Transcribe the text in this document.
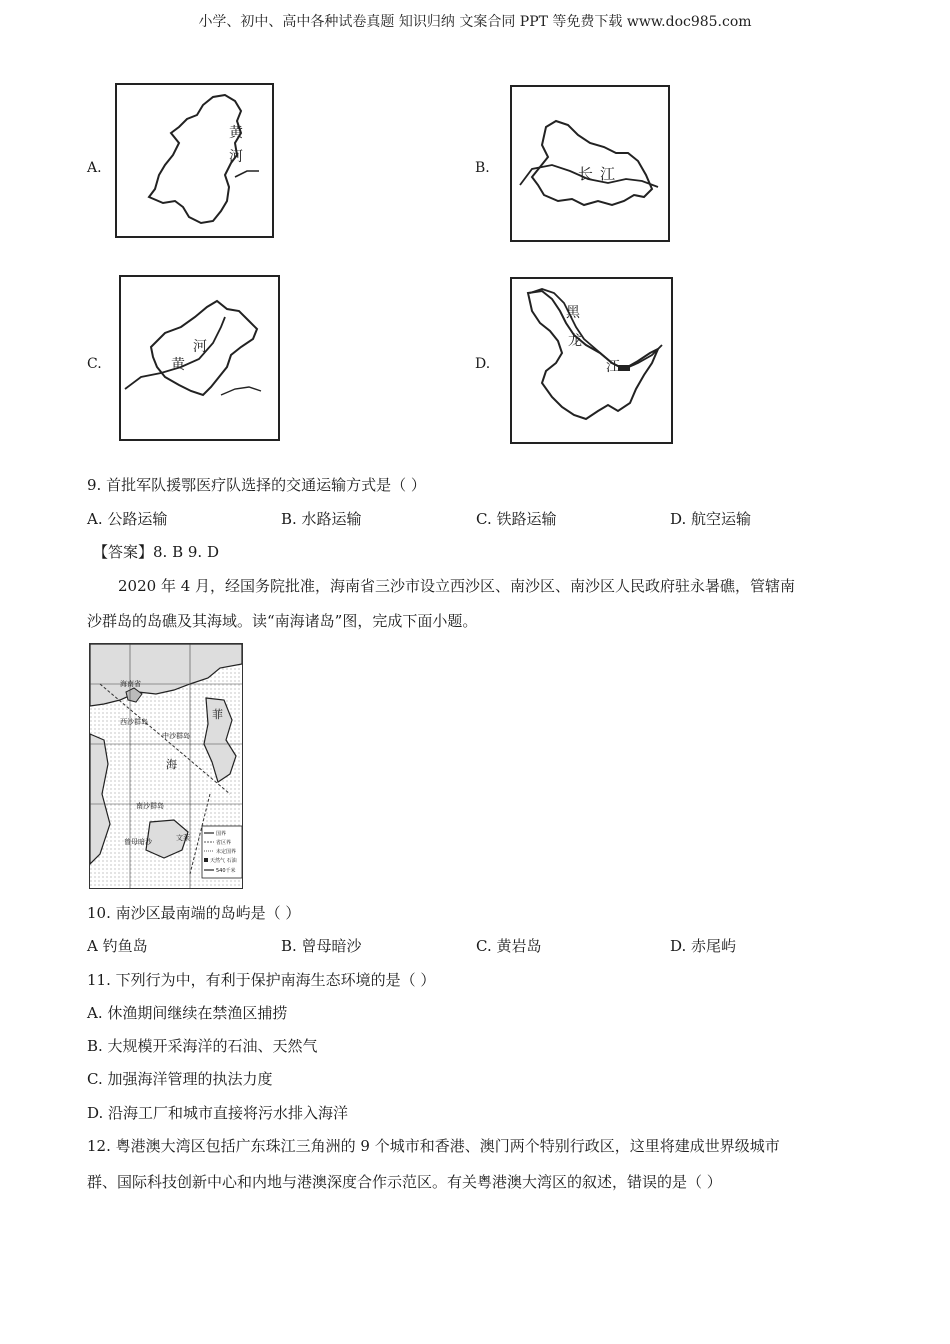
小学、初中、高中各种试卷真题 知识归纳 文案合同 PPT 等免费下载 www.doc985.com
A.
黄
河
B.	长 江
C.
河
黄	D.
黑
龙
江
9. 首批军队援鄂医疗队选择的交通运输方式是（ ）
A. 公路运输	B. 水路运输	C. 铁路运输	D. 航空运输
【答案】8. B 9. D
2020 年 4 月，经国务院批准，海南省三沙市设立西沙区、南沙区、南沙区人民政府驻永暑礁，管辖南
沙群岛的岛礁及其海域。读“南海诸岛”图，完成下面小题。
海南省
西沙群岛
中沙群岛
南沙群岛
曾母暗沙
菲
海
文莱	国界
省区界
未定国界
天然气 石油
540千米
10. 南沙区最南端的岛屿是（ ）
A 钓鱼岛	B. 曾母暗沙	C. 黄岩岛	D. 赤尾屿
11. 下列行为中，有利于保护南海生态环境的是（ ）
A. 休渔期间继续在禁渔区捕捞
B. 大规模开采海洋的石油、天然气
C. 加强海洋管理的执法力度
D. 沿海工厂和城市直接将污水排入海洋
12. 粤港澳大湾区包括广东珠江三角洲的 9 个城市和香港、澳门两个特别行政区，这里将建成世界级城市
群、国际科技创新中心和内地与港澳深度合作示范区。有关粤港澳大湾区的叙述，错误的是（ ）
